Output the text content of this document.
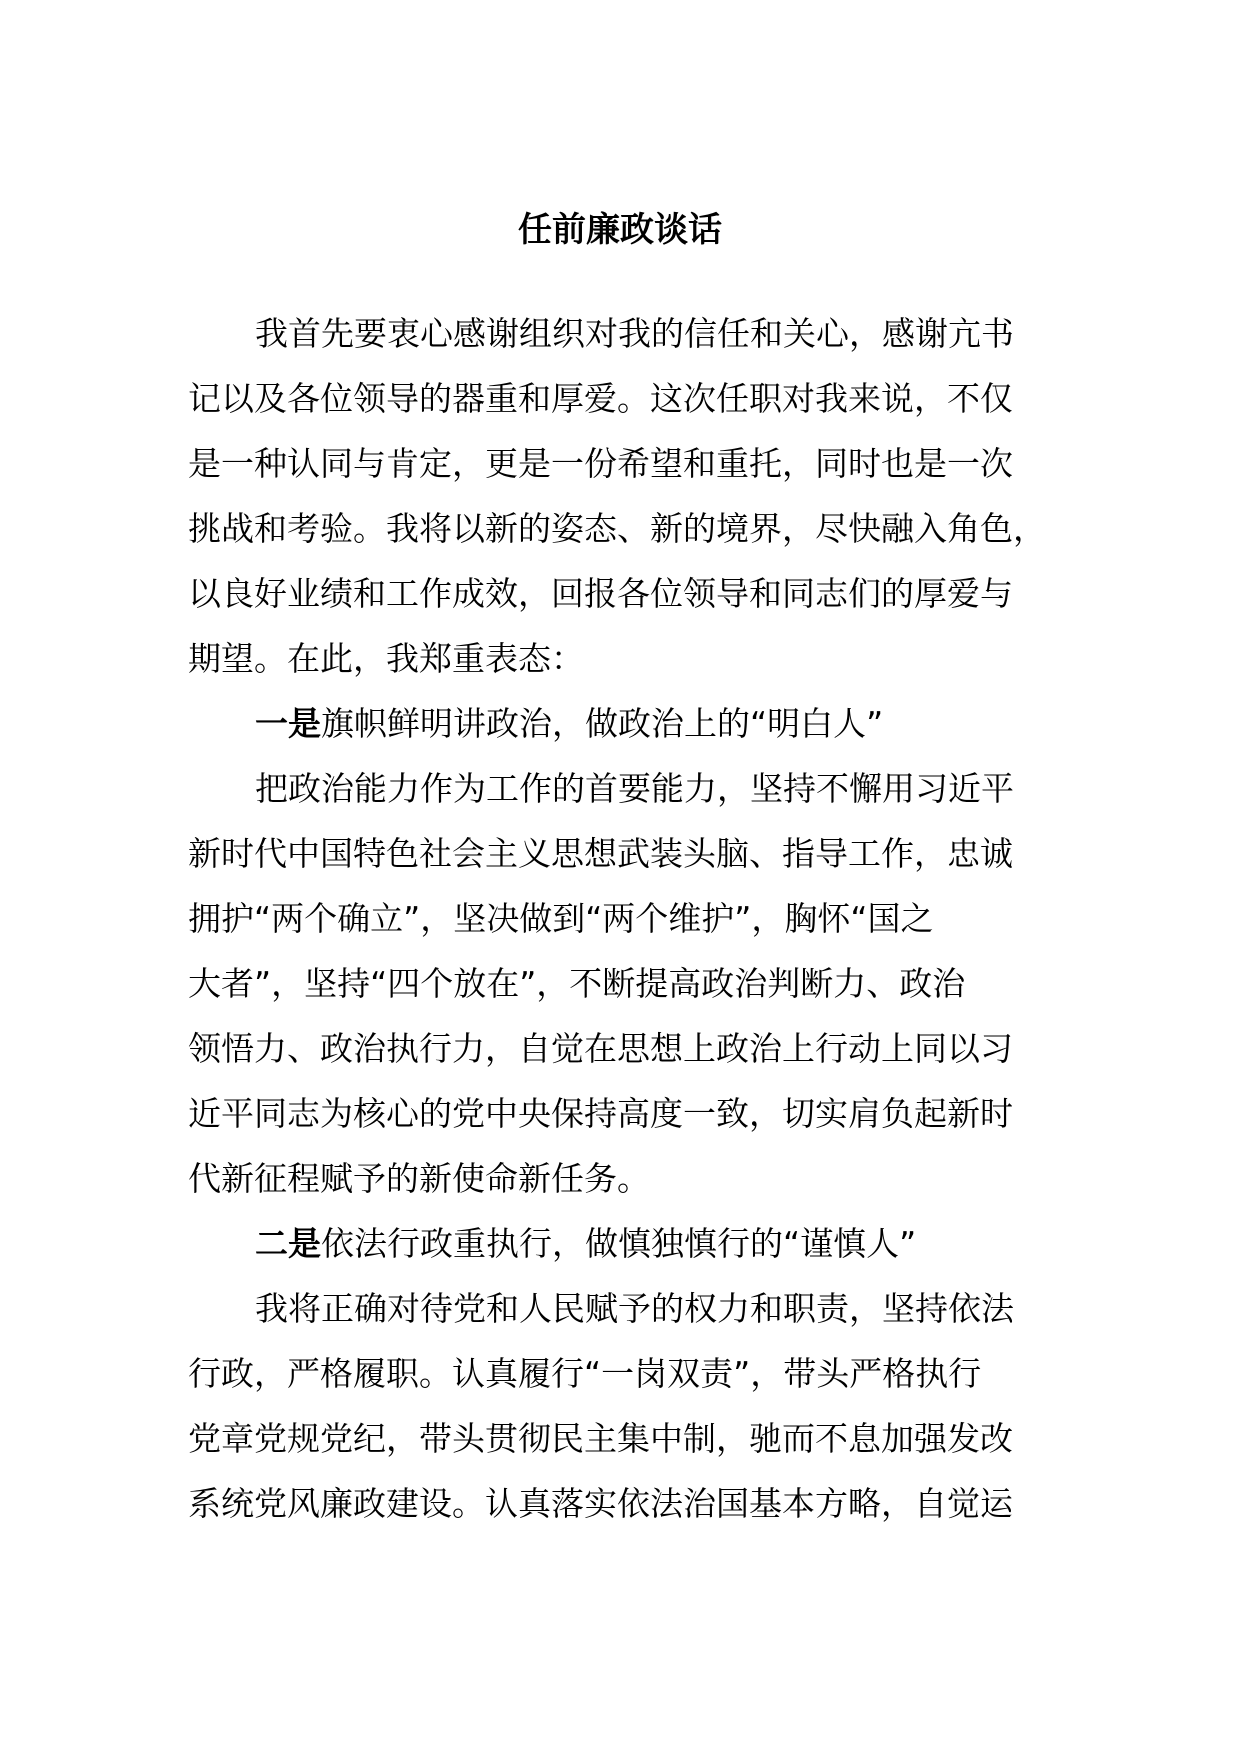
任前廉政谈话
我首先要衷心感谢组织对我的信任和关心，感谢亢书
记以及各位领导的器重和厚爱。这次任职对我来说，不仅
是一种认同与肯定，更是一份希望和重托，同时也是一次
挑战和考验。我将以新的姿态、新的境界，尽快融入角色，
以良好业绩和工作成效，回报各位领导和同志们的厚爱与
期望。在此，我郑重表态：
一是旗帜鲜明讲政治，做政治上的“明白人”
把政治能力作为工作的首要能力，坚持不懈用习近平
新时代中国特色社会主义思想武装头脑、指导工作，忠诚
拥护“两个确立”，坚决做到“两个维护”，胸怀“国之
大者”，坚持“四个放在”，不断提高政治判断力、政治
领悟力、政治执行力，自觉在思想上政治上行动上同以习
近平同志为核心的党中央保持高度一致，切实肩负起新时
代新征程赋予的新使命新任务。
二是依法行政重执行，做慎独慎行的“谨慎人”
我将正确对待党和人民赋予的权力和职责，坚持依法
行政，严格履职。认真履行“一岗双责”，带头严格执行
党章党规党纪，带头贯彻民主集中制，驰而不息加强发改
系统党风廉政建设。认真落实依法治国基本方略，自觉运
